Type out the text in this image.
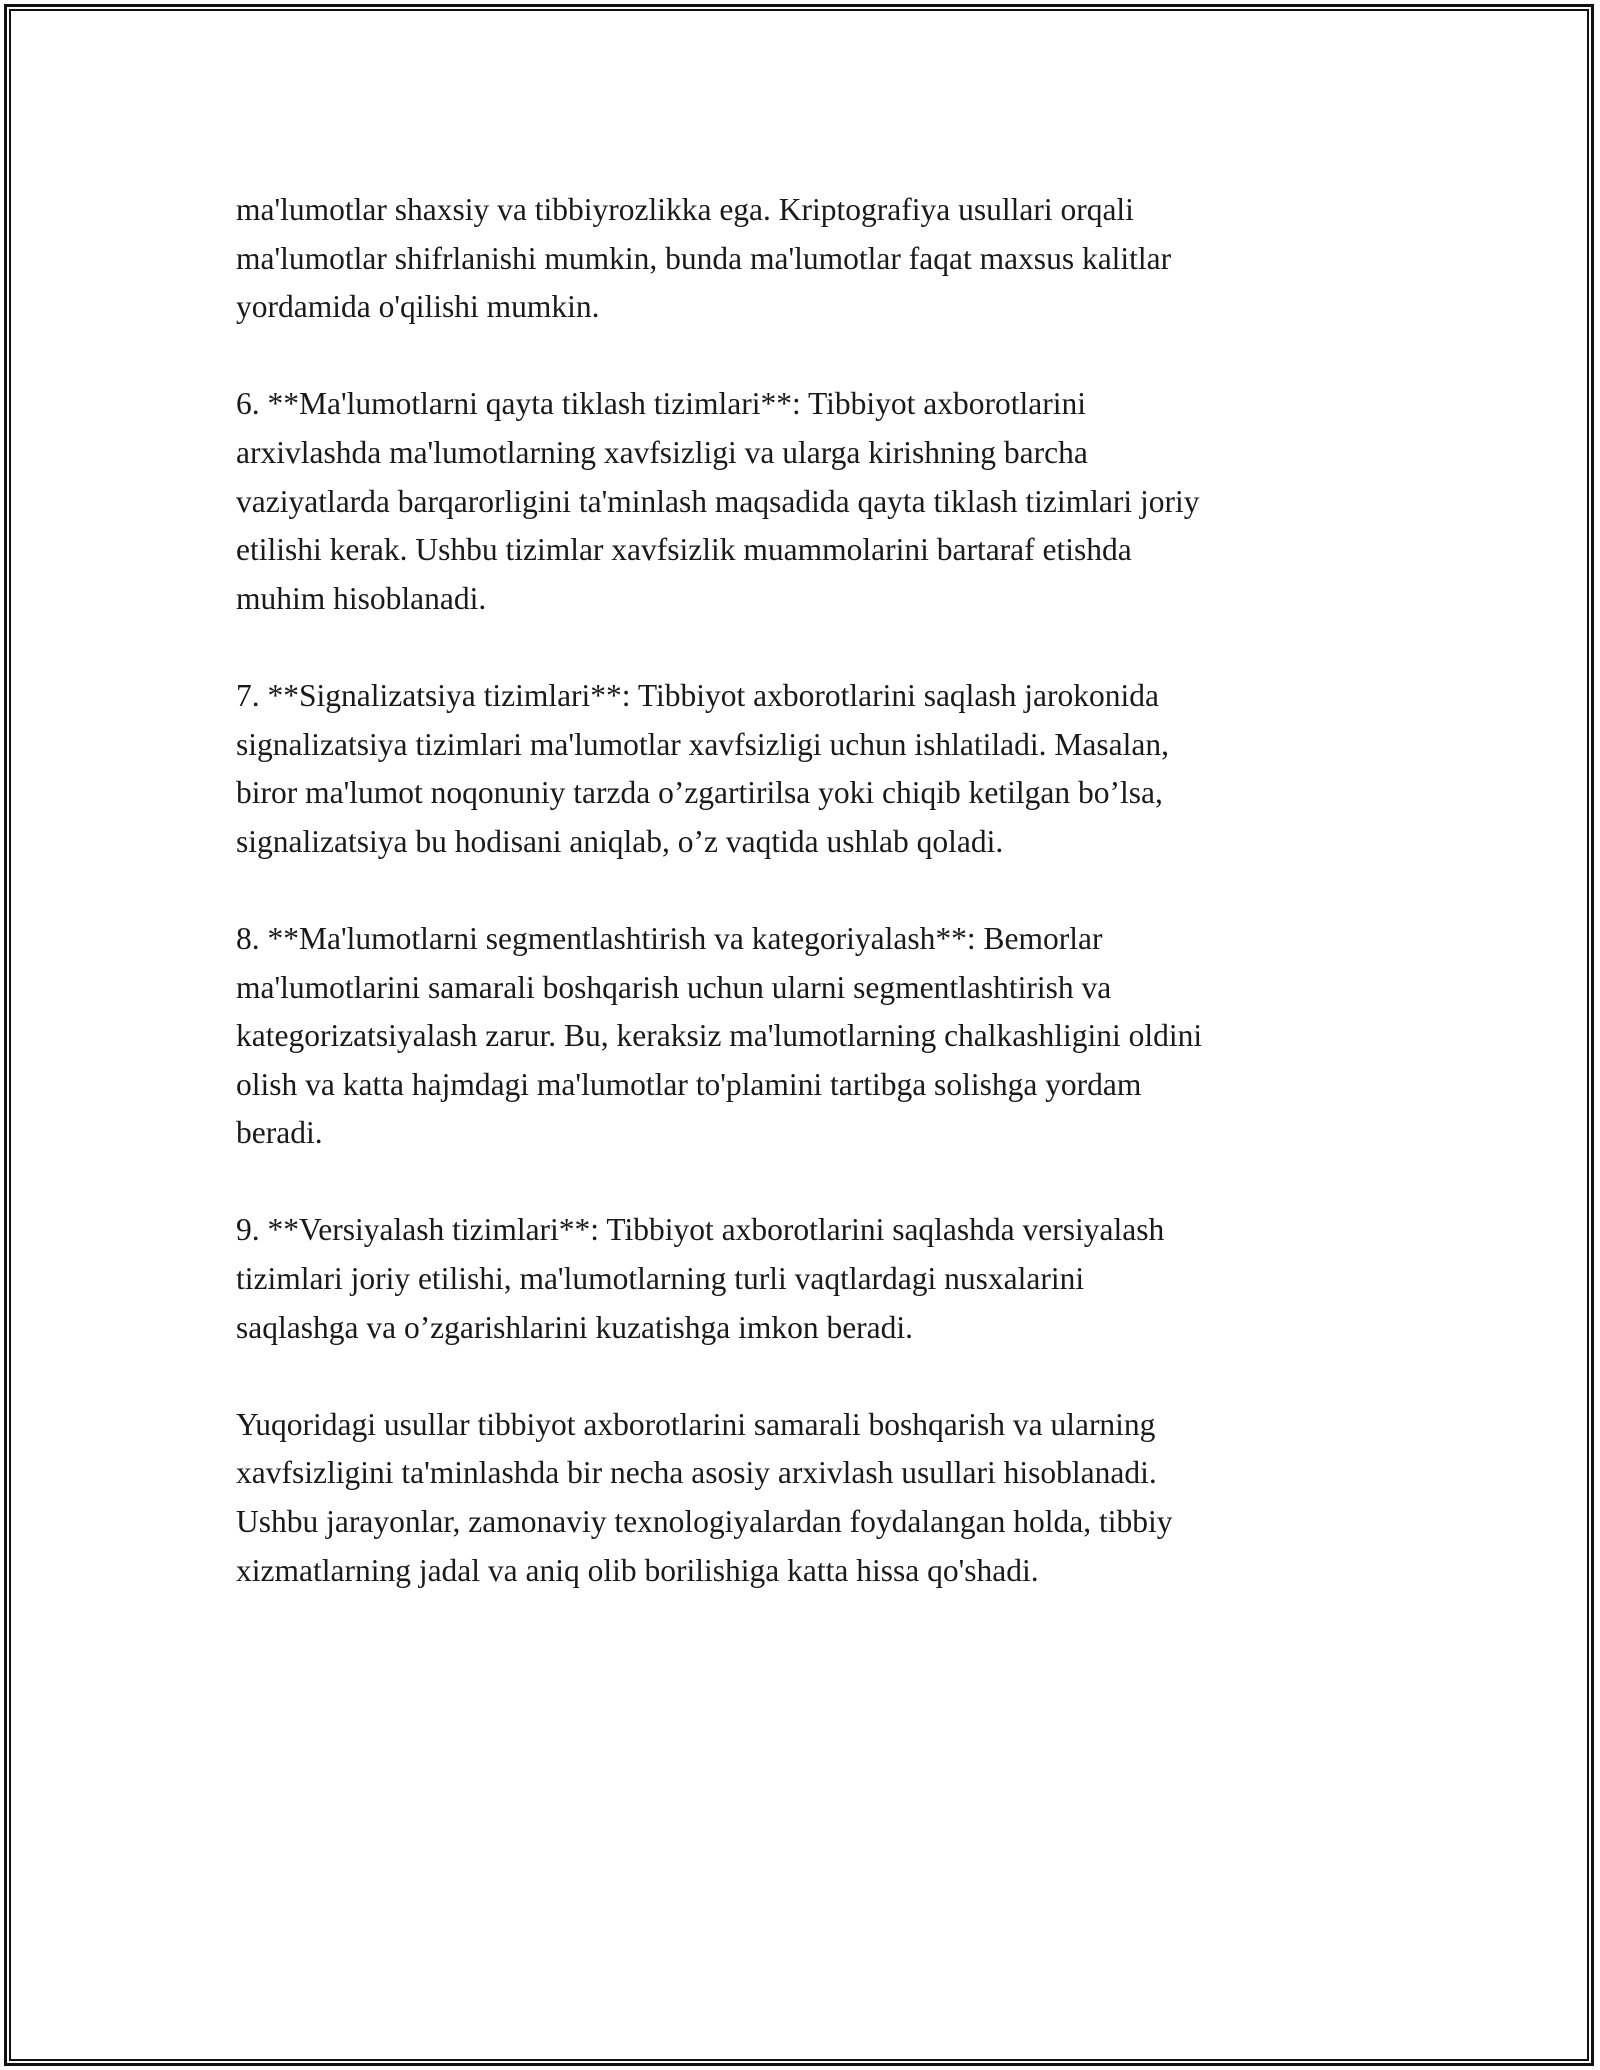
ma'lumotlar shaxsiy va tibbiyrozlikka ega. Kriptografiya usullari orqali
ma'lumotlar shifrlanishi mumkin, bunda ma'lumotlar faqat maxsus kalitlar
yordamida o'qilishi mumkin.

6. **Ma'lumotlarni qayta tiklash tizimlari**: Tibbiyot axborotlarini
arxivlashda ma'lumotlarning xavfsizligi va ularga kirishning barcha
vaziyatlarda barqarorligini ta'minlash maqsadida qayta tiklash tizimlari joriy
etilishi kerak. Ushbu tizimlar xavfsizlik muammolarini bartaraf etishda
muhim hisoblanadi.

7. **Signalizatsiya tizimlari**: Tibbiyot axborotlarini saqlash jarokonida
signalizatsiya tizimlari ma'lumotlar xavfsizligi uchun ishlatiladi. Masalan,
biror ma'lumot noqonuniy tarzda o’zgartirilsa yoki chiqib ketilgan bo’lsa,
signalizatsiya bu hodisani aniqlab, o’z vaqtida ushlab qoladi.

8. **Ma'lumotlarni segmentlashtirish va kategoriyalash**: Bemorlar
ma'lumotlarini samarali boshqarish uchun ularni segmentlashtirish va
kategorizatsiyalash zarur. Bu, keraksiz ma'lumotlarning chalkashligini oldini
olish va katta hajmdagi ma'lumotlar to'plamini tartibga solishga yordam
beradi.

9. **Versiyalash tizimlari**: Tibbiyot axborotlarini saqlashda versiyalash
tizimlari joriy etilishi, ma'lumotlarning turli vaqtlardagi nusxalarini
saqlashga va o’zgarishlarini kuzatishga imkon beradi.

Yuqoridagi usullar tibbiyot axborotlarini samarali boshqarish va ularning
xavfsizligini ta'minlashda bir necha asosiy arxivlash usullari hisoblanadi.
Ushbu jarayonlar, zamonaviy texnologiyalardan foydalangan holda, tibbiy
xizmatlarning jadal va aniq olib borilishiga katta hissa qo'shadi.
